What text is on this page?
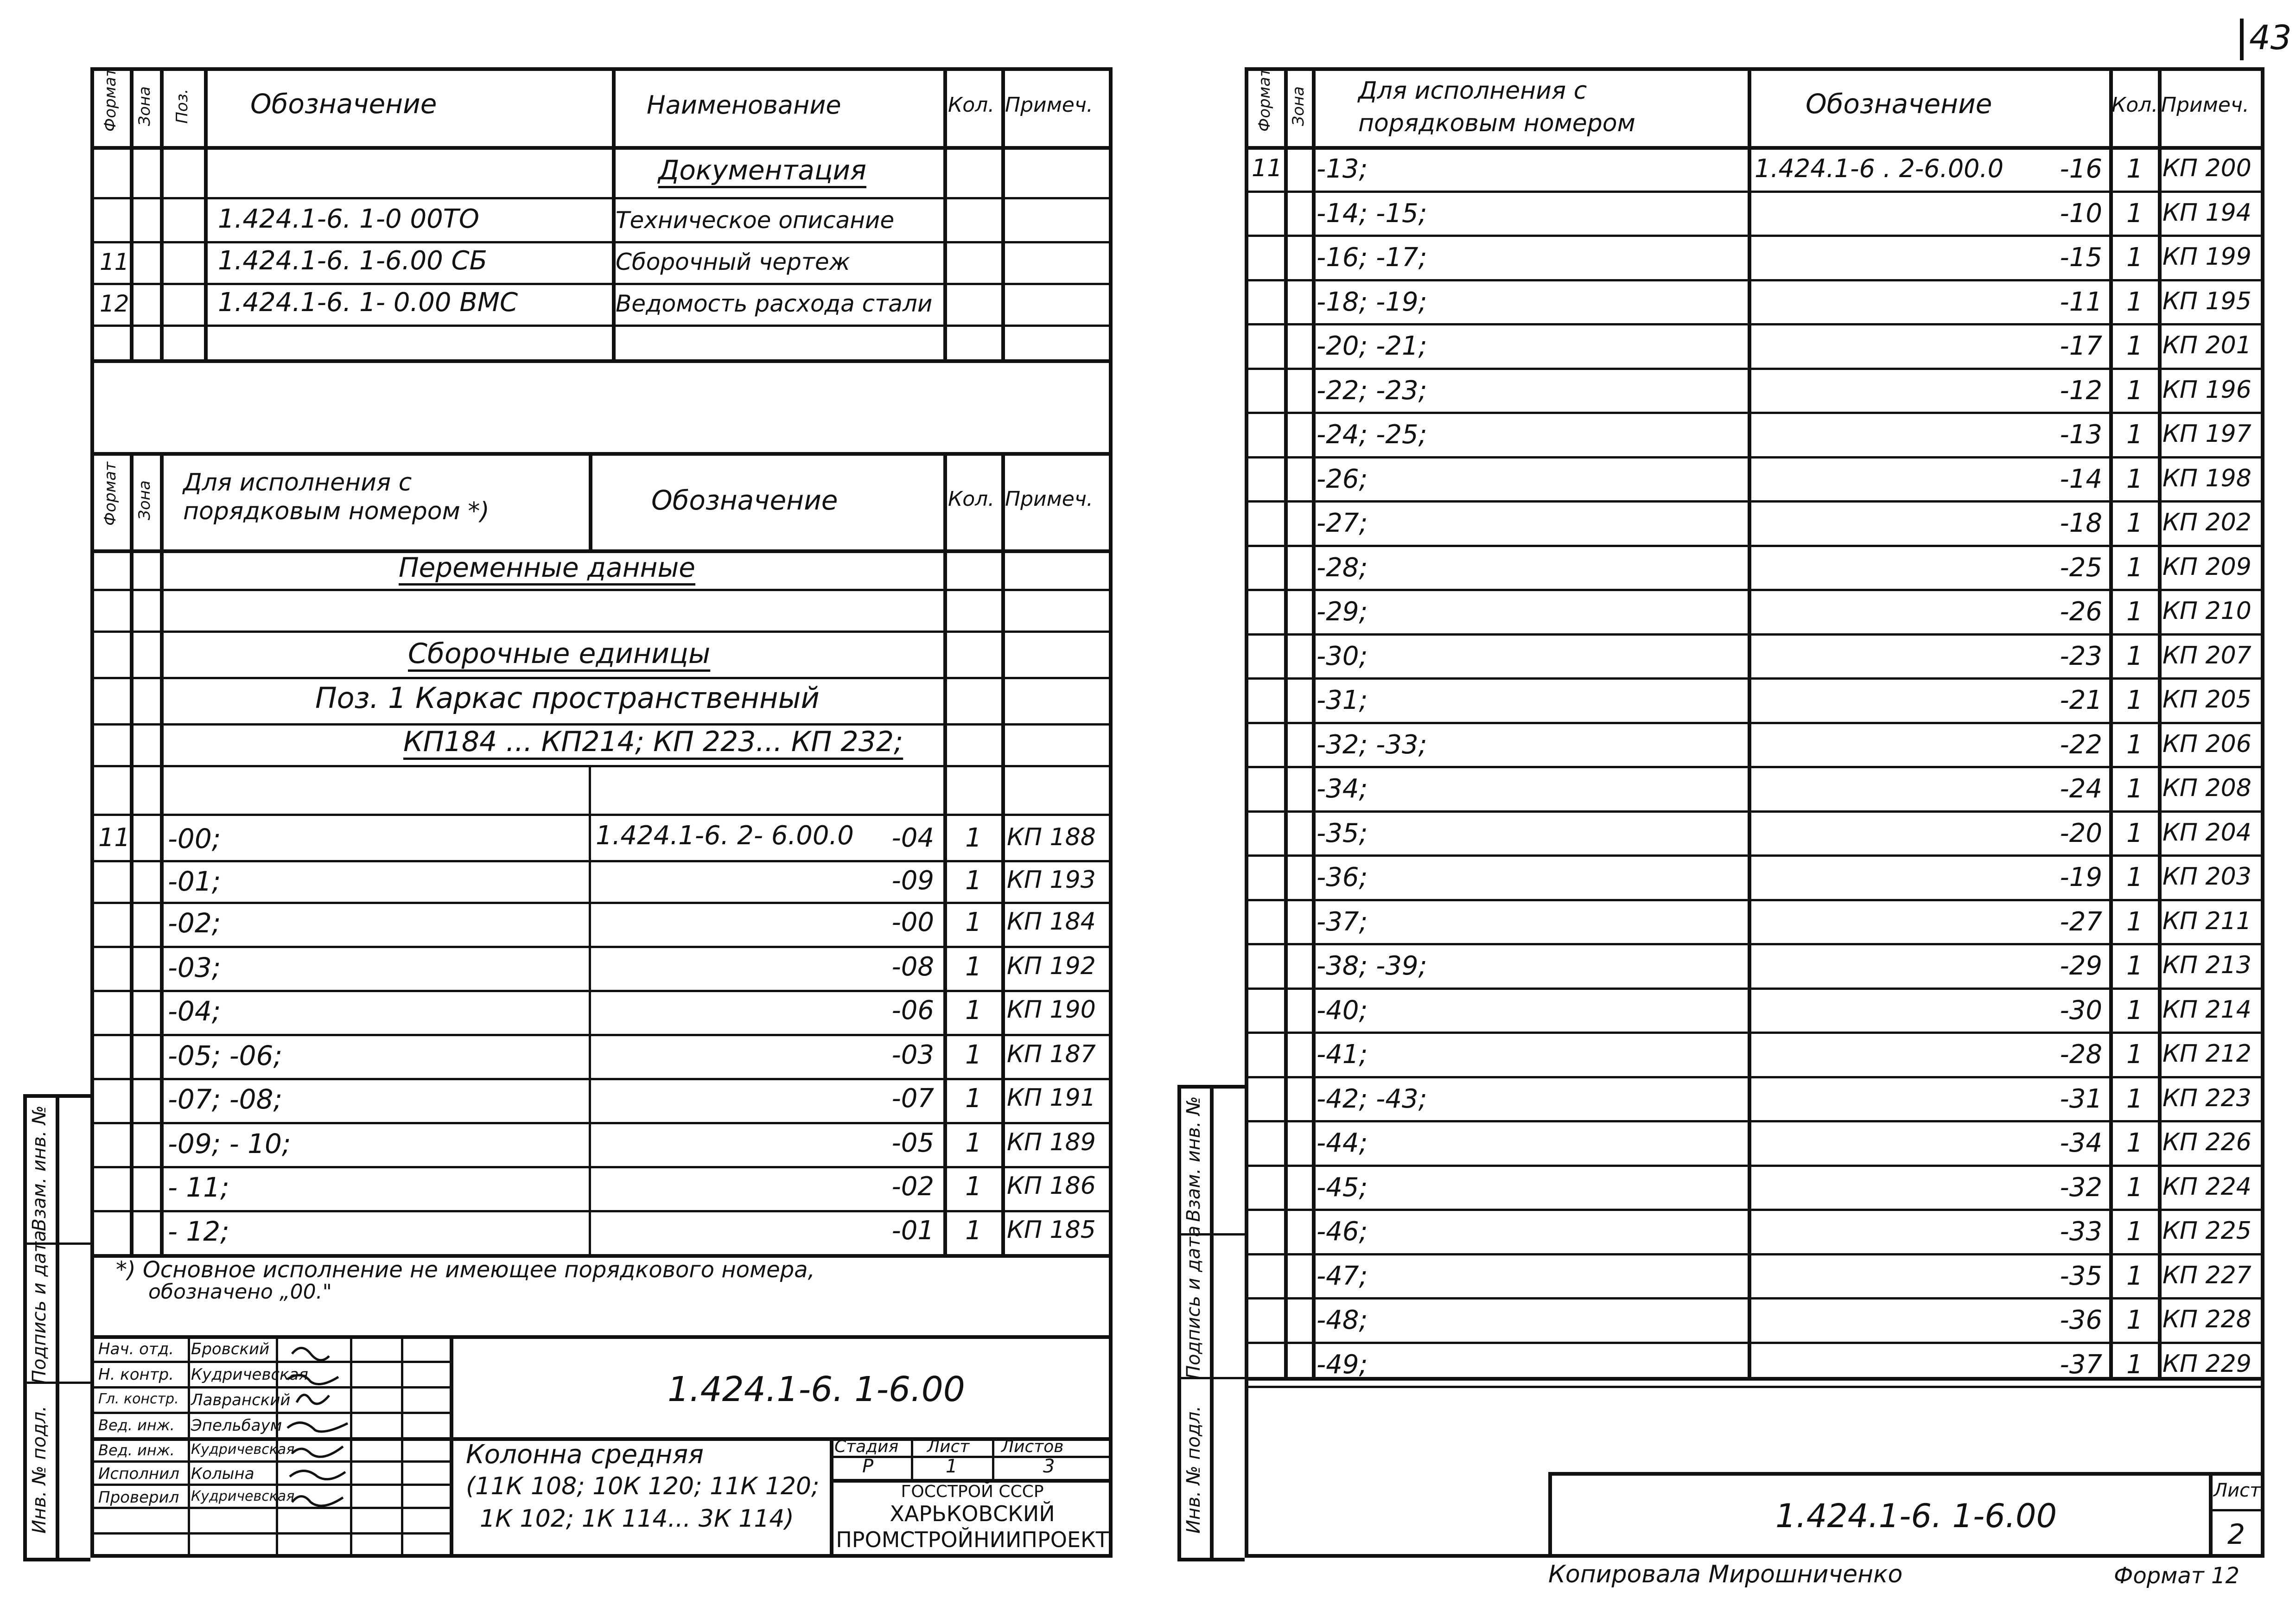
43
Формат Зона Поз. Обозначение	Наименование	Кол. Примеч.
Документация
1.424.1-6. 1-0 00ТО	Техническое описание
11	1.424.1-6. 1-6.00 СБ	Сборочный чертеж
12	1.424.1-6. 1- 0.00 ВМС	Ведомость расхода стали
Формат Зона Для исполнения с порядковым номером *)	Обозначение	Кол. Примеч.
Переменные данные
Сборочные единицы
Поз. 1 Каркас пространственный
КП184 ... КП214; КП 223... КП 232;
11 -00;	1.424.1-6. 2- 6.00.0	-04	1	КП 188
-01;	-09	1	КП 193
-02;	-00	1	КП 184
-03;	-08	1	КП 192
-04;	-06	1	КП 190
-05; -06;	-03	1	КП 187
-07; -08;	-07	1	КП 191
-09; - 10;	-05	1	КП 189
- 11;	-02	1	КП 186
- 12;	-01	1	КП 185
*) Основное исполнение не имеющее порядкового номера,
обозначено „00."
1.424.1-6. 1-6.00
Нач. отд. Бровский
Н. контр. Кудричевская
Гл. констр. Лавранский
Вед. инж. Эпельбаум
Вед. инж. Кудричевская
Исполнил Колына
Проверил Кудричевская
Колонна средняя
(11К 108; 10К 120; 11К 120;
1К 102; 1К 114... 3К 114)
Стадия Лист Листов
Р	1	3
ГОССТРОЙ СССР
ХАРЬКОВСКИЙ
ПРОМСТРОЙНИИПРОЕКТ
Взам. инв. №
Подпись и дата
Инв. № подл.
Формат Зона Для исполнения с
порядковым номером
Обозначение	Кол. Примеч.
11 -13;	1.424.1-6 . 2-6.00.0	-16 1 КП 200
-14; -15;	-10 1 КП 194
-16; -17;	-15 1 КП 199
-18; -19;	-11 1 КП 195
-20; -21;	-17 1 КП 201
-22; -23;	-12 1 КП 196
-24; -25;	-13 1 КП 197
-26;	-14 1 КП 198
-27;	-18 1 КП 202
-28;	-25 1 КП 209
-29;	-26 1 КП 210
-30;	-23 1 КП 207
-31;	-21 1 КП 205
-32; -33;	-22 1 КП 206
-34;	-24 1 КП 208
-35;	-20 1 КП 204
-36;	-19 1 КП 203
-37;	-27 1 КП 211
-38; -39;	-29 1 КП 213
-40;	-30 1 КП 214
-41;	-28 1 КП 212
-42; -43;	-31 1 КП 223
-44;	-34 1 КП 226
-45;	-32 1 КП 224
-46;	-33 1 КП 225
-47;	-35 1 КП 227
-48;	-36 1 КП 228
-49;	-37 1 КП 229
1.424.1-6. 1-6.00
Лист
2
Взам. инв. №
Подпись и дата
Инв. № подл.
Копировала Мирошниченко	Формат 12
